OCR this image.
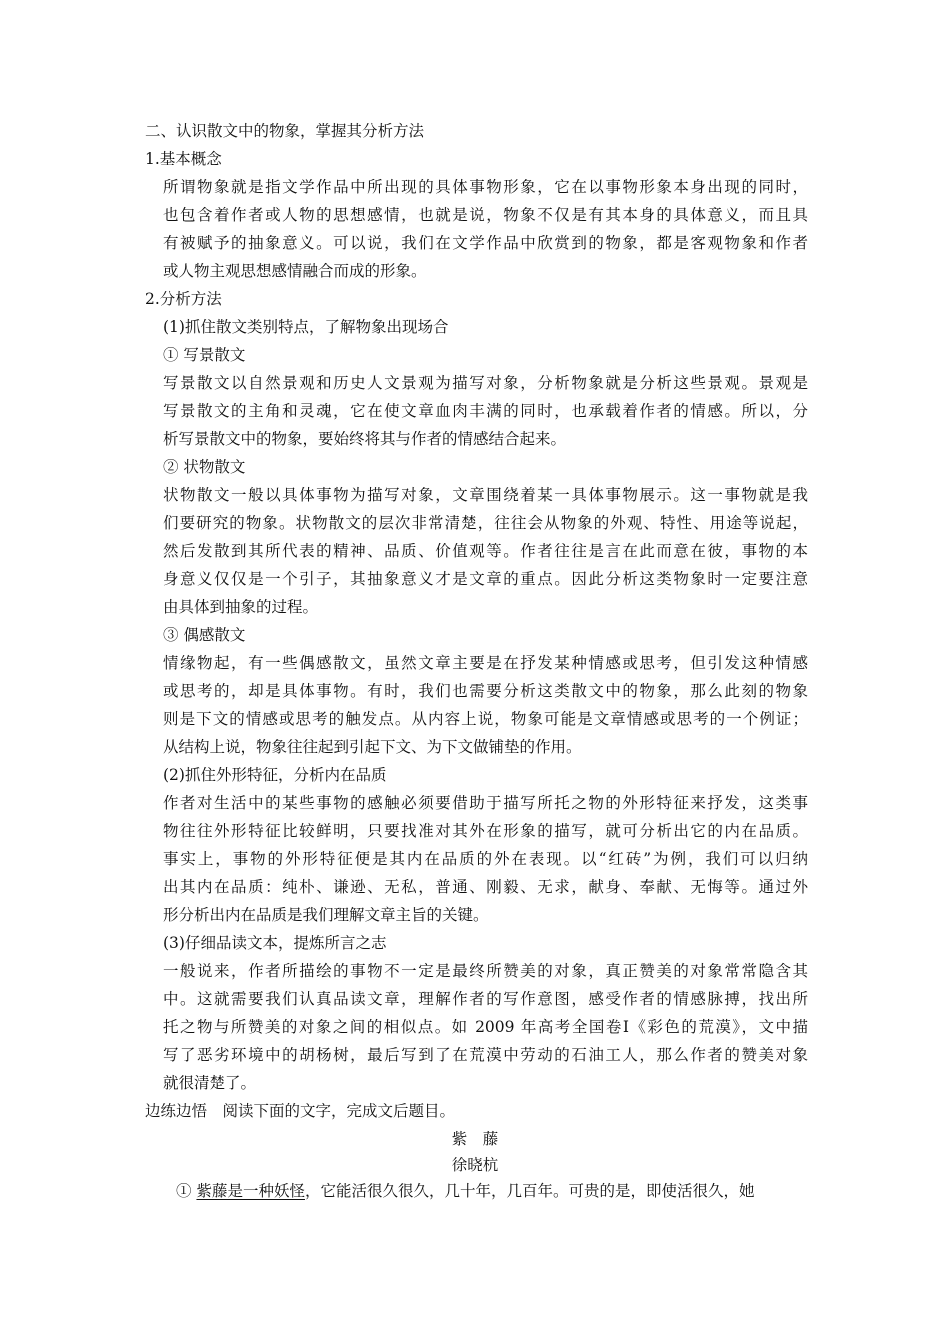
二、认识散文中的物象，掌握其分析方法
1.基本概念
所谓物象就是指文学作品中所出现的具体事物形象，它在以事物形象本身出现的同时，
也包含着作者或人物的思想感情，也就是说，物象不仅是有其本身的具体意义，而且具
有被赋予的抽象意义。可以说，我们在文学作品中欣赏到的物象，都是客观物象和作者
或人物主观思想感情融合而成的形象。
2.分析方法
(1)抓住散文类别特点，了解物象出现场合
① 写景散文
写景散文以自然景观和历史人文景观为描写对象，分析物象就是分析这些景观。景观是
写景散文的主角和灵魂，它在使文章血肉丰满的同时，也承载着作者的情感。所以，分
析写景散文中的物象，要始终将其与作者的情感结合起来。
② 状物散文
状物散文一般以具体事物为描写对象，文章围绕着某一具体事物展示。这一事物就是我
们要研究的物象。状物散文的层次非常清楚，往往会从物象的外观、特性、用途等说起，
然后发散到其所代表的精神、品质、价值观等。作者往往是言在此而意在彼，事物的本
身意义仅仅是一个引子，其抽象意义才是文章的重点。因此分析这类物象时一定要注意
由具体到抽象的过程。
③ 偶感散文
情缘物起，有一些偶感散文，虽然文章主要是在抒发某种情感或思考，但引发这种情感
或思考的，却是具体事物。有时，我们也需要分析这类散文中的物象，那么此刻的物象
则是下文的情感或思考的触发点。从内容上说，物象可能是文章情感或思考的一个例证；
从结构上说，物象往往起到引起下文、为下文做铺垫的作用。
(2)抓住外形特征，分析内在品质
作者对生活中的某些事物的感触必须要借助于描写所托之物的外形特征来抒发，这类事
物往往外形特征比较鲜明，只要找准对其外在形象的描写，就可分析出它的内在品质。
事实上，事物的外形特征便是其内在品质的外在表现。以“红砖”为例，我们可以归纳
出其内在品质：纯朴、谦逊、无私，普通、刚毅、无求，献身、奉献、无悔等。通过外
形分析出内在品质是我们理解文章主旨的关键。
(3)仔细品读文本，提炼所言之志
一般说来，作者所描绘的事物不一定是最终所赞美的对象，真正赞美的对象常常隐含其
中。这就需要我们认真品读文章，理解作者的写作意图，感受作者的情感脉搏，找出所
托之物与所赞美的对象之间的相似点。如 2009 年高考全国卷Ⅰ《彩色的荒漠》，文中描
写了恶劣环境中的胡杨树，最后写到了在荒漠中劳动的石油工人，那么作者的赞美对象
就很清楚了。
边练边悟　阅读下面的文字，完成文后题目。
紫　藤
徐晓杭
① 紫藤是一种妖怪，它能活很久很久，几十年，几百年。可贵的是，即使活很久，她
